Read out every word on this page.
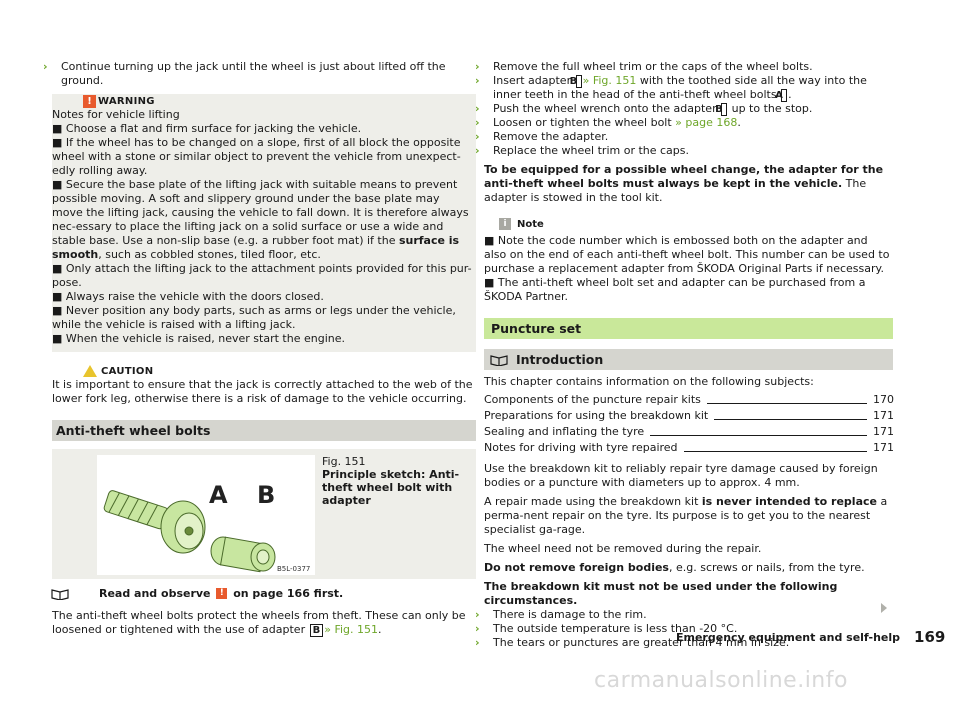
› Continue turning up the jack until the wheel is just about lifted off the ground.

! WARNING

Notes for vehicle lifting

■ Choose a flat and firm surface for jacking the vehicle.

■ If the wheel has to be changed on a slope, first of all block the opposite wheel with a stone or similar object to prevent the vehicle from unexpect-edly rolling away.

■ Secure the base plate of the lifting jack with suitable means to prevent possible moving. A soft and slippery ground under the base plate may move the lifting jack, causing the vehicle to fall down. It is therefore always nec-essary to place the lifting jack on a solid surface or use a wide and stable base. Use a non-slip base (e.g. a rubber foot mat) if the surface is smooth, such as cobbled stones, tiled floor, etc.

■ Only attach the lifting jack to the attachment points provided for this pur-pose.

■ Always raise the vehicle with the doors closed.

■ Never position any body parts, such as arms or legs under the vehicle, while the vehicle is raised with a lifting jack.

■ When the vehicle is raised, never start the engine.

CAUTION

It is important to ensure that the jack is correctly attached to the web of the lower fork leg, otherwise there is a risk of damage to the vehicle occurring.

Anti-theft wheel bolts
A B
B5L-0377
Fig. 151
Principle sketch: Anti-theft wheel bolt with adapter
Read and observe
	!
on page 166 first.

The anti-theft wheel bolts protect the wheels from theft. These can only be loosened or tightened with the use of adapter B » Fig. 151.

› Remove the full wheel trim or the caps of the wheel bolts.

› Insert adapter B » Fig. 151 with the toothed side all the way into the inner teeth in the head of the anti-theft wheel bolts A .

› Push the wheel wrench onto the adapter B up to the stop.

› Loosen or tighten the wheel bolt » page 168.

› Remove the adapter.

› Replace the wheel trim or the caps.

To be equipped for a possible wheel change, the adapter for the anti-theft wheel bolts must always be kept in the vehicle. The adapter is stowed in the tool kit.

i	Note

■ Note the code number which is embossed both on the adapter and also on the end of each anti-theft wheel bolt. This number can be used to purchase a replacement adapter from ŠKODA Original Parts if necessary.

■ The anti-theft wheel bolt set and adapter can be purchased from a ŠKODA Partner.

Puncture set
Introduction

This chapter contains information on the following subjects:

Components of the puncture repair kits	170
Preparations for using the breakdown kit	171
Sealing and inflating the tyre	171
Notes for driving with tyre repaired	171

Use the breakdown kit to reliably repair tyre damage caused by foreign bodies or a puncture with diameters up to approx. 4 mm.

A repair made using the breakdown kit is never intended to replace a perma-nent repair on the tyre. Its purpose is to get you to the nearest specialist ga-rage.

The wheel need not be removed during the repair.

Do not remove foreign bodies, e.g. screws or nails, from the tyre.

The breakdown kit must not be used under the following circumstances.

› There is damage to the rim.

› The outside temperature is less than -20 °C.

› The tears or punctures are greater than 4 mm in size.

Emergency equipment and self-help 169
carmanualsonline.info
